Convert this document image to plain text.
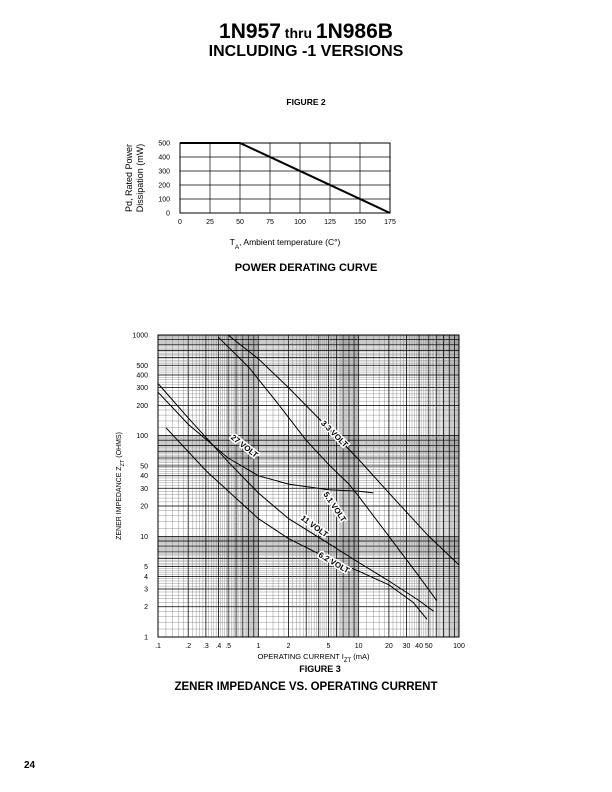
1N957 thru 1N986B
INCLUDING -1 VERSIONS
FIGURE 2
POWER DERATING CURVE
FIGURE 3
ZENER IMPEDANCE VS. OPERATING CURRENT
24
0	25	50	75	100	125	150	175
0
100
200
300
400
500
$T_A$, Ambient temperature (C°)
Pd, Rated Power Dissipation (mW)
.1	.2 .3 .4 .5	1	2	5	10	20 30 40 50	100
1
2
3
4
5
10
20
30
40
50
100
200
300
400
500
1000
3.3 VOLT
5.1 VOLT
27 VOLT
11 VOLT
6.2 VOLT
OPERATING CURRENT $I_{ZT}$ (mA)
ZENER IMPEDANCE $Z_{ZT}$ (OHMS)
